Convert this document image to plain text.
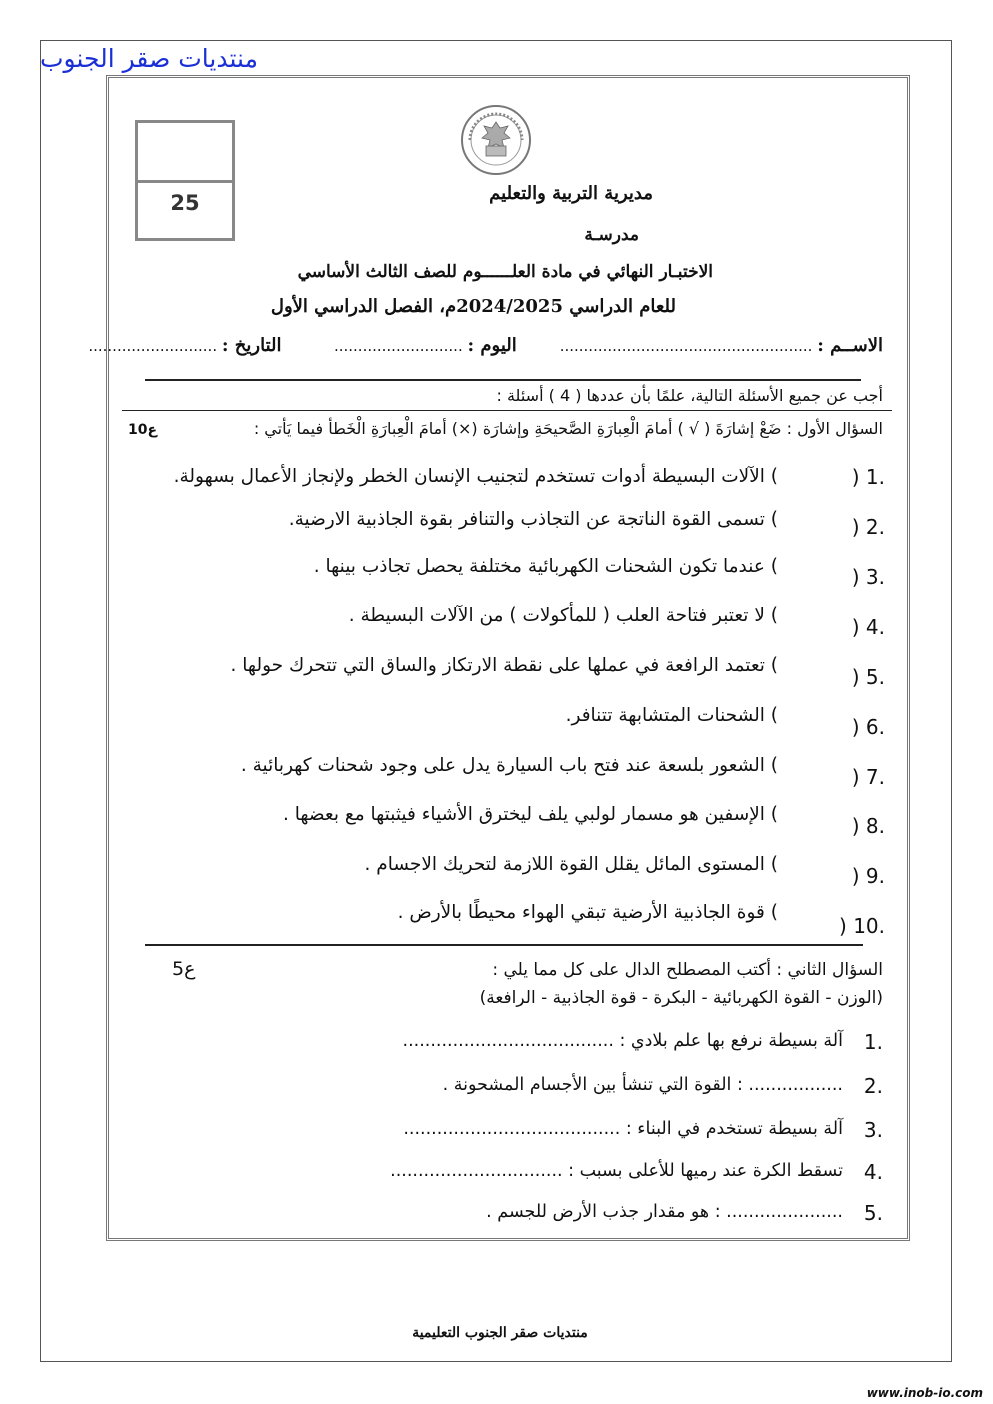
منتديات صقر الجنوب
25	مديرية التربية والتعليم
مدرسـة
الاختبـار النهائي في مادة العلــــــوم للصف الثالث الأساسي
للعام الدراسي 2024/2025م، الفصل الدراسي الأول
الاســم : .....................................................         اليوم : ...........................           التاريخ : ...........................
أجب عن جميع الأسئلة التالية، علمًا بأن عددها ( 4 ) أسئلة :
السؤال الأول : ضَعْ إشارَةَ ( √ ) أمامَ الْعِبارَةِ الصَّحيحَةِ وإشارَة (×) أمامَ الْعِبارَةِ الْخَطأ فيما يَأتي :
10ع
.1 (
) الآلات البسيطة أدوات تستخدم لتجنيب الإنسان الخطر ولإنجاز الأعمال بسهولة.
.2 (
) تسمى القوة الناتجة عن التجاذب والتنافر بقوة الجاذبية الارضية.
.3 (
) عندما تكون الشحنات الكهربائية مختلفة يحصل تجاذب بينها .
.4 (
) لا تعتبر فتاحة العلب ( للمأكولات ) من الآلات البسيطة .
.5 (
) تعتمد الرافعة في عملها على نقطة الارتكاز والساق التي تتحرك حولها .
.6 (
) الشحنات المتشابهة تتنافر.
.7 (
) الشعور بلسعة عند فتح باب السيارة يدل على وجود شحنات كهربائية .
.8 (
) الإسفين هو مسمار لولبي يلف ليخترق الأشياء فيثبتها مع بعضها .
.9 (
) المستوى المائل يقلل القوة اللازمة لتحريك الاجسام .
.10 (
) قوة الجاذبية الأرضية تبقي الهواء محيطًا بالأرض .
السؤال الثاني : أكتب المصطلح الدال على كل مما يلي :
5ع
(الوزن - القوة الكهربائية - البكرة - قوة الجاذبية - الرافعة)
.1
آلة بسيطة نرفع بها علم بلادي : ......................................
.2
................. : القوة التي تنشأ بين الأجسام المشحونة .
.3
آلة بسيطة تستخدم في البناء : .......................................
.4
تسقط الكرة عند رميها للأعلى بسبب : ...............................
.5
..................... : هو مقدار جذب الأرض للجسم .
منتديات صقر الجنوب التعليمية
www.inob-io.com
